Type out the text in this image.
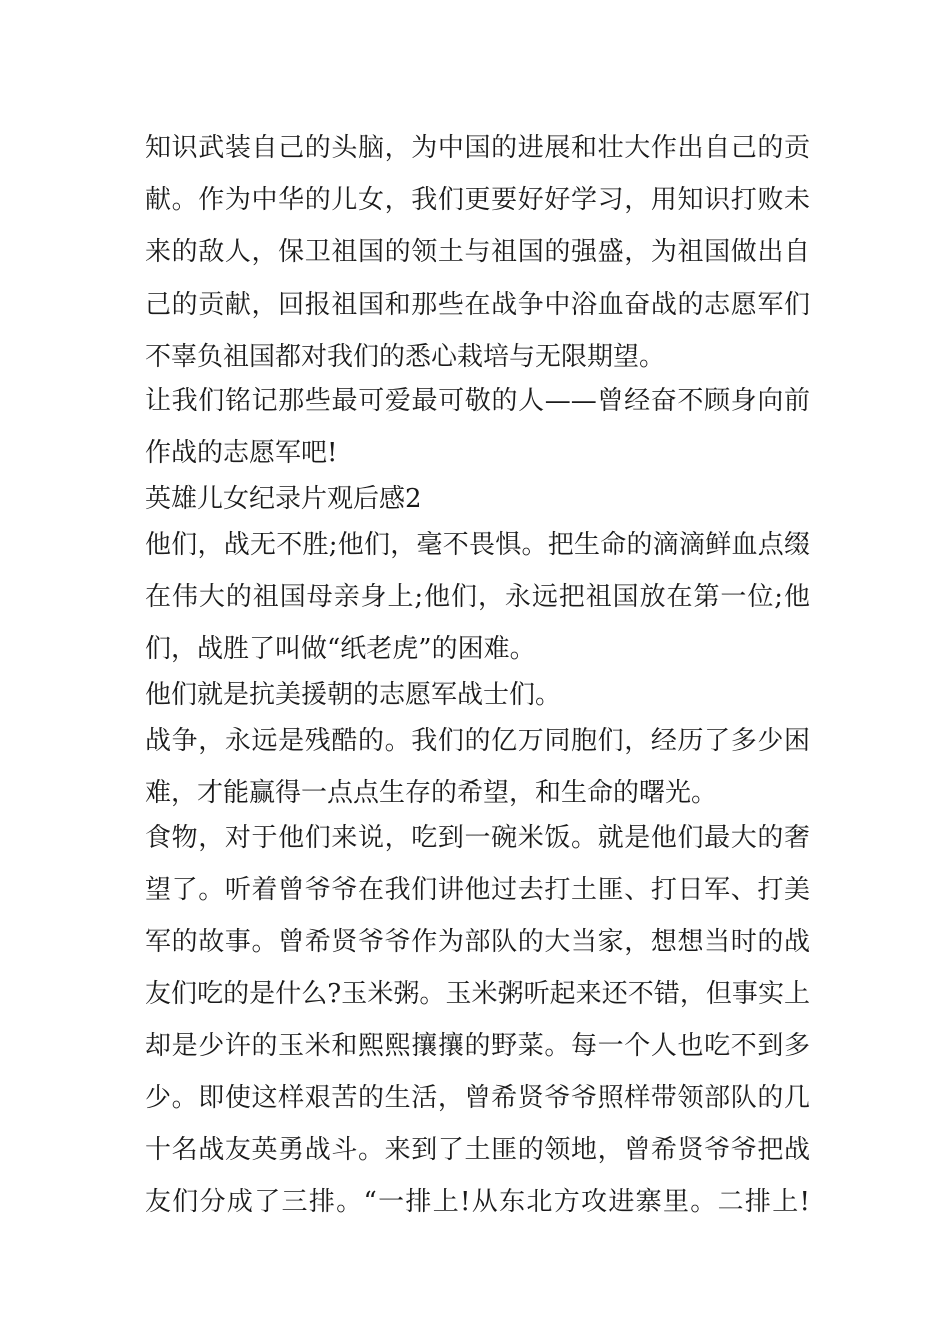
知识武装自己的头脑，为中国的进展和壮大作出自己的贡
献。作为中华的儿女，我们更要好好学习，用知识打败未
来的敌人，保卫祖国的领土与祖国的强盛，为祖国做出自
己的贡献，回报祖国和那些在战争中浴血奋战的志愿军们
不辜负祖国都对我们的悉心栽培与无限期望。
让我们铭记那些最可爱最可敬的人——曾经奋不顾身向前
作战的志愿军吧!
英雄儿女纪录片观后感2
他们，战无不胜;他们，毫不畏惧。把生命的滴滴鲜血点缀
在伟大的祖国母亲身上;他们，永远把祖国放在第一位;他
们，战胜了叫做“纸老虎”的困难。
他们就是抗美援朝的志愿军战士们。
战争，永远是残酷的。我们的亿万同胞们，经历了多少困
难，才能赢得一点点生存的希望，和生命的曙光。
食物，对于他们来说，吃到一碗米饭。就是他们最大的奢
望了。听着曾爷爷在我们讲他过去打土匪、打日军、打美
军的故事。曾希贤爷爷作为部队的大当家，想想当时的战
友们吃的是什么?玉米粥。玉米粥听起来还不错，但事实上
却是少许的玉米和熙熙攘攘的野菜。每一个人也吃不到多
少。即使这样艰苦的生活，曾希贤爷爷照样带领部队的几
十名战友英勇战斗。来到了土匪的领地，曾希贤爷爷把战
友们分成了三排。“一排上!从东北方攻进寨里。二排上!
